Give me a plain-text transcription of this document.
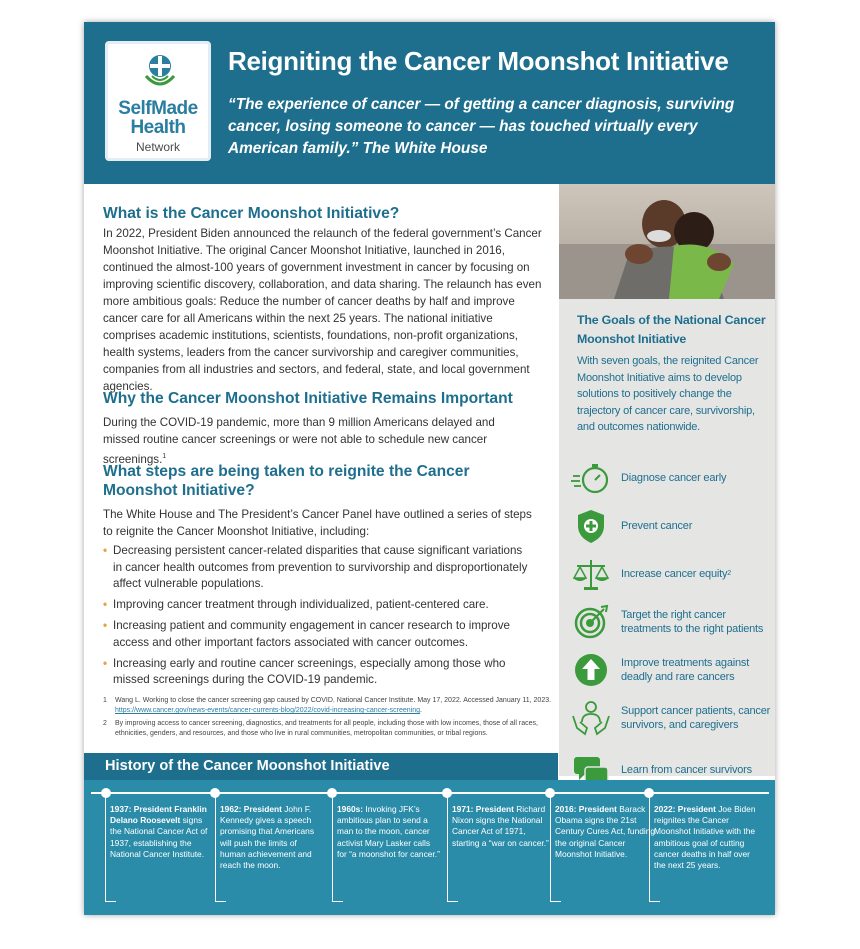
SelfMade
Health
Network
Reigniting the Cancer Moonshot Initiative
“The experience of cancer — of getting a cancer diagnosis, surviving cancer, losing someone to cancer — has touched virtually every American family.” The White House
What is the Cancer Moonshot Initiative?

In 2022, President Biden announced the relaunch of the federal government’s Cancer Moonshot Initiative. The original Cancer Moonshot Initiative, launched in 2016, continued the almost-100 years of government investment in cancer by focusing on improving scientific discovery, collaboration, and data sharing. The relaunch has even more ambitious goals: Reduce the number of cancer deaths by half and improve cancer care for all Americans within the next 25 years. The national initiative comprises academic institutions, scientists, foundations, non-profit organizations, health systems, leaders from the cancer survivorship and caregiver communities, companies from all industries and sectors, and federal, state, and local government agencies.

Why the Cancer Moonshot Initiative Remains Important

During the COVID-19 pandemic, more than 9 million Americans delayed and missed routine cancer screenings or were not able to schedule new cancer screenings.$^1$

What steps are being taken to reignite the Cancer Moonshot Initiative?

The White House and The President’s Cancer Panel have outlined a series of steps to reignite the Cancer Moonshot Initiative, including:

• Decreasing persistent cancer-related disparities that cause significant variations in cancer health outcomes from prevention to survivorship and disproportionately affect vulnerable populations.
• Improving cancer treatment through individualized, patient-centered care.
• Increasing patient and community engagement in cancer research to improve access and other important factors associated with cancer outcomes.
• Increasing early and routine cancer screenings, especially among those who missed screenings during the COVID-19 pandemic.
1 Wang L. Working to close the cancer screening gap caused by COVID. National Cancer Institute. May 17, 2022. Accessed January 11, 2023. https://www.cancer.gov/news-events/cancer-currents-blog/2022/covid-increasing-cancer-screening.
2 By improving access to cancer screening, diagnostics, and treatments for all people, including those with low incomes, those of all races, ethnicities, genders, and resources, and those who live in rural communities, metropolitan communities, or tribal regions.
The Goals of the National Cancer Moonshot Initiative
With seven goals, the reignited Cancer Moonshot Initiative aims to develop solutions to positively change the trajectory of cancer care, survivorship, and outcomes nationwide.
Diagnose cancer early
Prevent cancer
Increase cancer equity 2
Target the right cancer treatments to the right patients
Improve treatments against deadly and rare cancers
Support cancer patients, cancer survivors, and caregivers
Learn from cancer survivors
History of the Cancer Moonshot Initiative
1937: President Franklin Delano Roosevelt signs the National Cancer Act of 1937, establishing the National Cancer Institute.
1962: President John F. Kennedy gives a speech promising that Americans will push the limits of human achievement and reach the moon.
1960s: Invoking JFK’s ambitious plan to send a man to the moon, cancer activist Mary Lasker calls for “a moonshot for cancer.”
1971: President Richard Nixon signs the National Cancer Act of 1971, starting a “war on cancer.”
2016: President Barack Obama signs the 21st Century Cures Act, funding the original Cancer Moonshot Initiative.
2022: President Joe Biden reignites the Cancer Moonshot Initiative with the ambitious goal of cutting cancer deaths in half over the next 25 years.
